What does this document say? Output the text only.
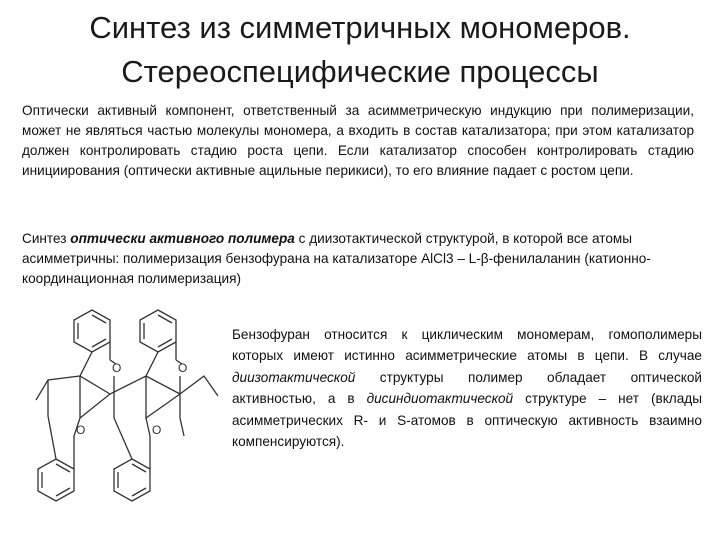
Синтез из симметричных мономеров.
Стереоспецифические процессы
Оптически активный компонент, ответственный за асимметрическую индукцию при полимеризации, может не являться частью молекулы мономера, а входить в состав катализатора; при этом катализатор должен контролировать стадию роста цепи. Если катализатор способен контролировать стадию инициирования (оптически активные ацильные перикиси), то его влияние падает с ростом цепи.
Синтез оптически активного полимера с диизотактической структурой, в которой все атомы асимметричны: полимеризация бензофурана на катализаторе AlCl3 – L-β-фенилаланин (катионно-координационная полимеризация)
O	O
O	O
Бензофуран относится к циклическим мономерам, гомополимеры которых имеют истинно асимметрические атомы в цепи. В случае диизотактической структуры полимер обладает оптической активностью, а в дисиндиотактической структуре – нет (вклады асимметрических R- и S-атомов в оптическую активность взаимно компенсируются).
